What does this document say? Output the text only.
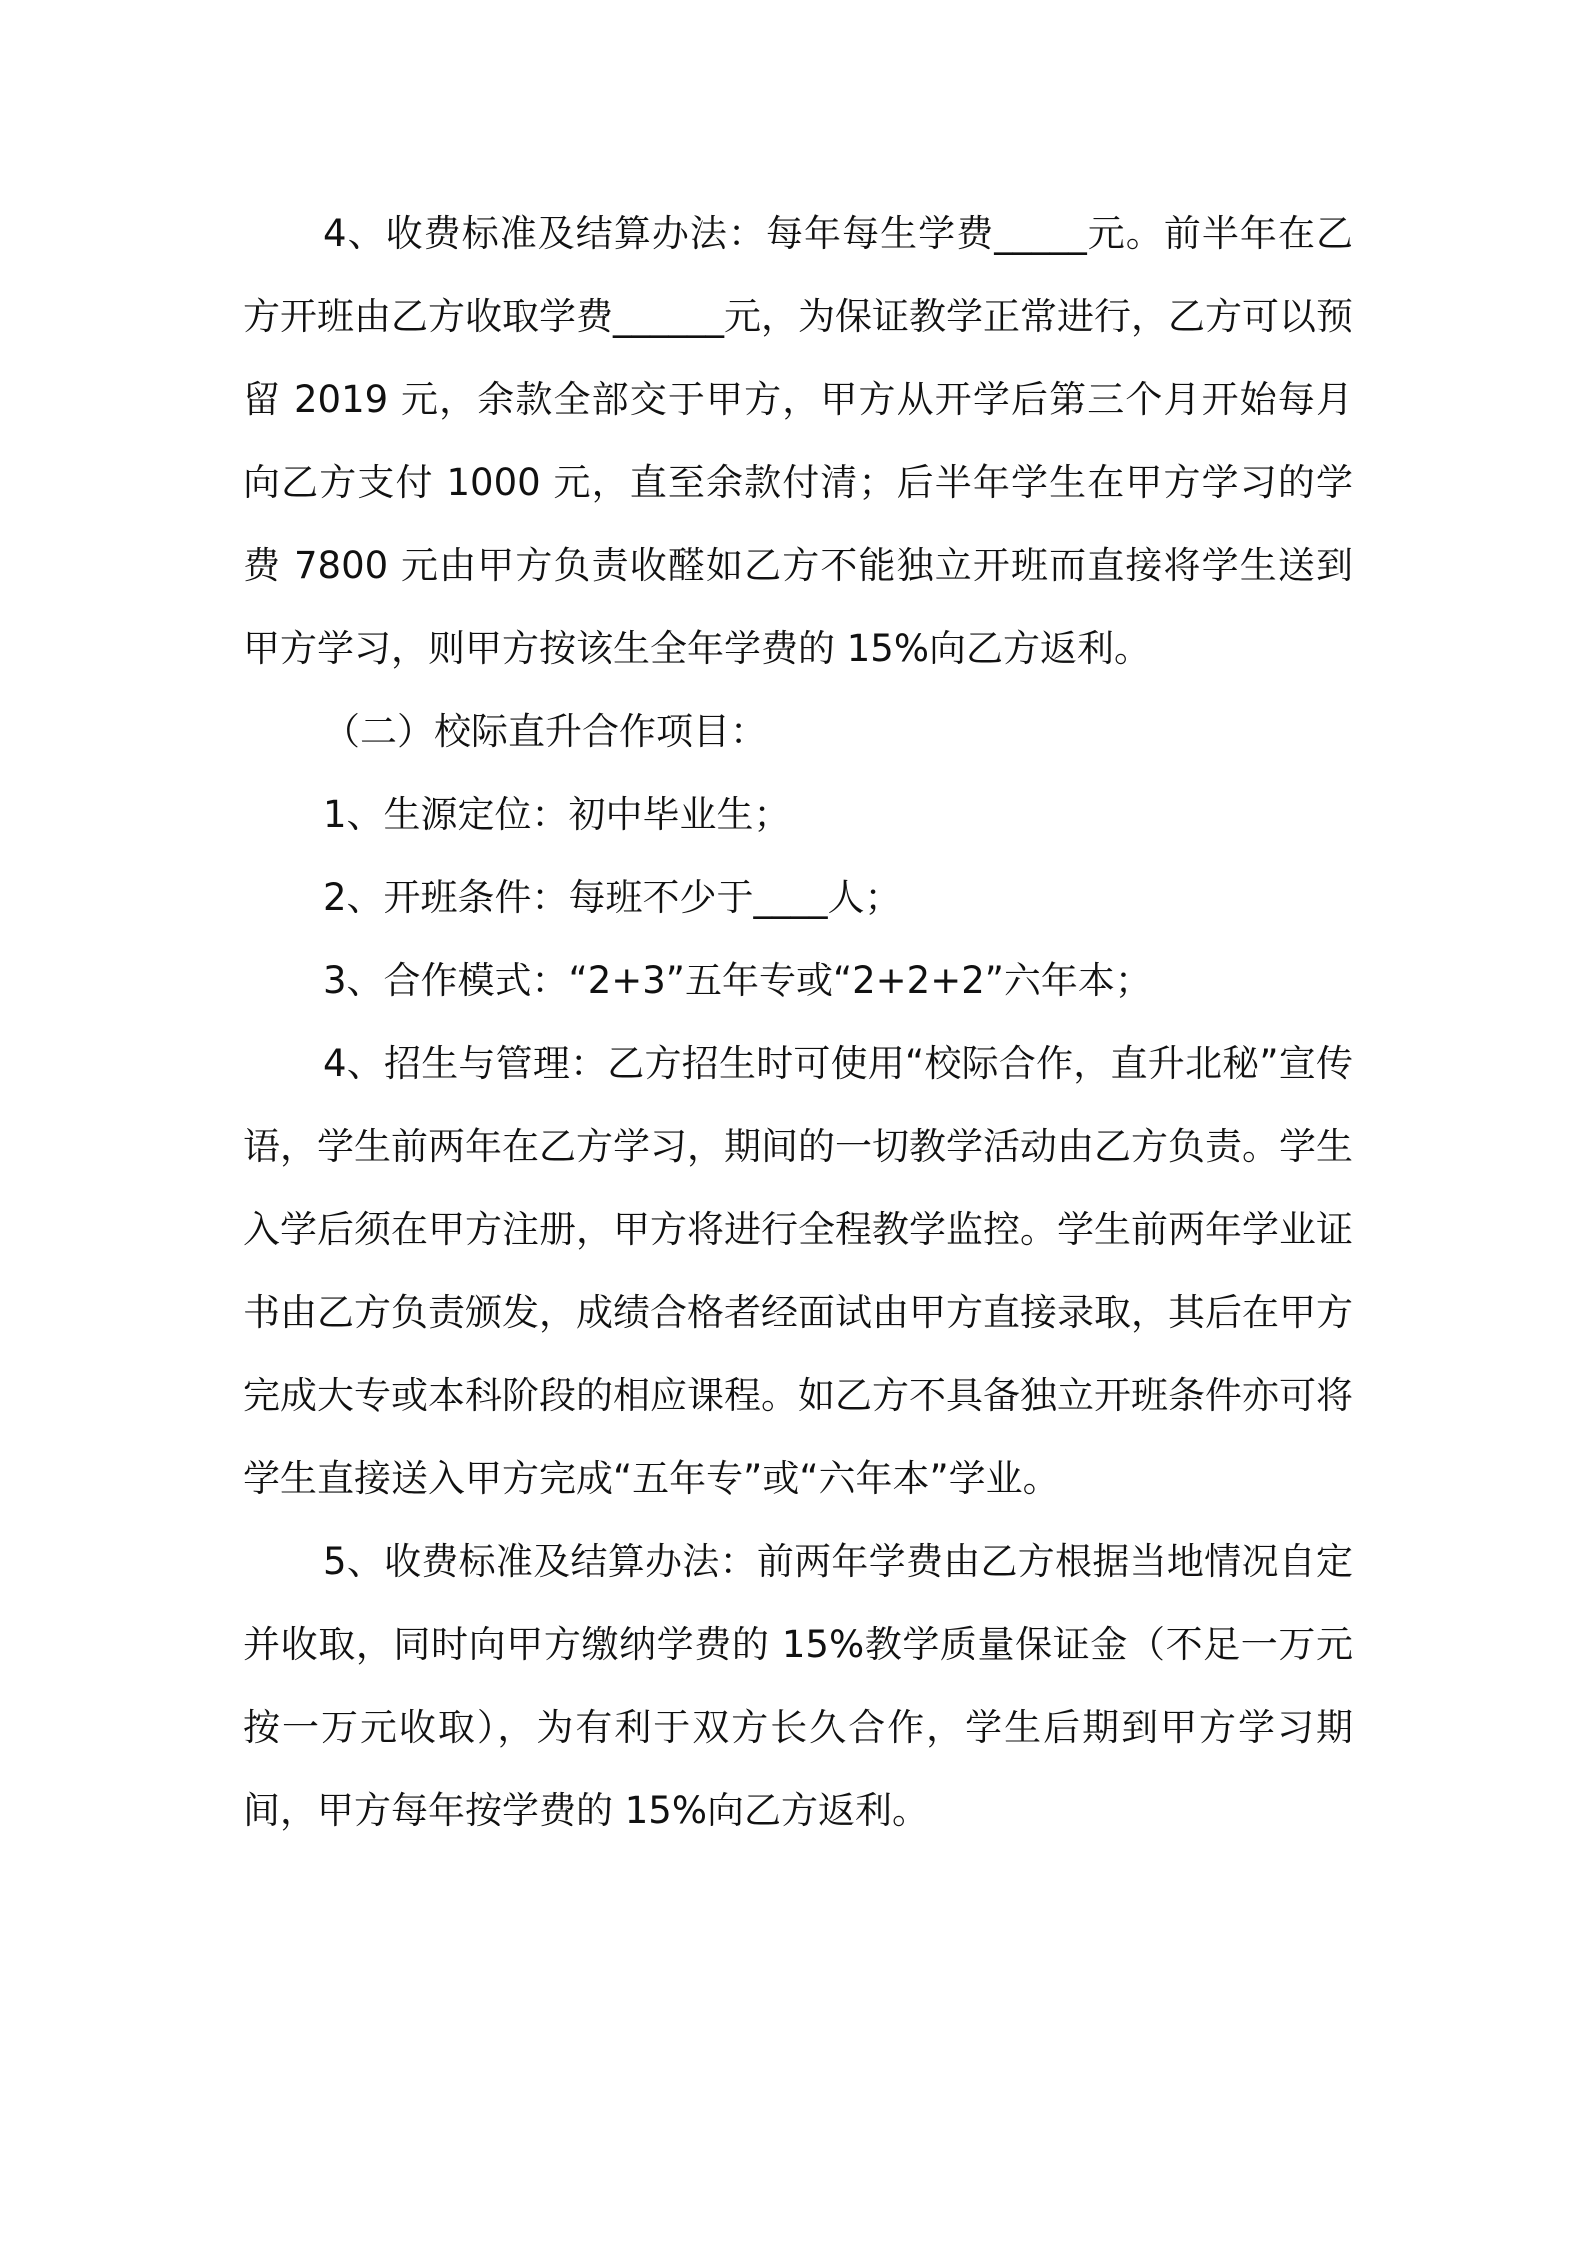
4、收费标准及结算办法：每年每生学费_____元。前半年在乙方开班由乙方收取学费______元，为保证教学正常进行，乙方可以预留 2019 元，余款全部交于甲方，甲方从开学后第三个月开始每月向乙方支付 1000 元，直至余款付清；后半年学生在甲方学习的学费 7800 元由甲方负责收醛如乙方不能独立开班而直接将学生送到甲方学习，则甲方按该生全年学费的 15%向乙方返利。

（二）校际直升合作项目：

1、生源定位：初中毕业生；

2、开班条件：每班不少于____人；

3、合作模式：“2+3”五年专或“2+2+2”六年本；

4、招生与管理：乙方招生时可使用“校际合作，直升北秘”宣传语，学生前两年在乙方学习，期间的一切教学活动由乙方负责。学生入学后须在甲方注册，甲方将进行全程教学监控。学生前两年学业证书由乙方负责颁发，成绩合格者经面试由甲方直接录取，其后在甲方完成大专或本科阶段的相应课程。如乙方不具备独立开班条件亦可将学生直接送入甲方完成“五年专”或“六年本”学业。

5、收费标准及结算办法：前两年学费由乙方根据当地情况自定并收取，同时向甲方缴纳学费的 15%教学质量保证金（不足一万元按一万元收取），为有利于双方长久合作，学生后期到甲方学习期间，甲方每年按学费的 15%向乙方返利。
